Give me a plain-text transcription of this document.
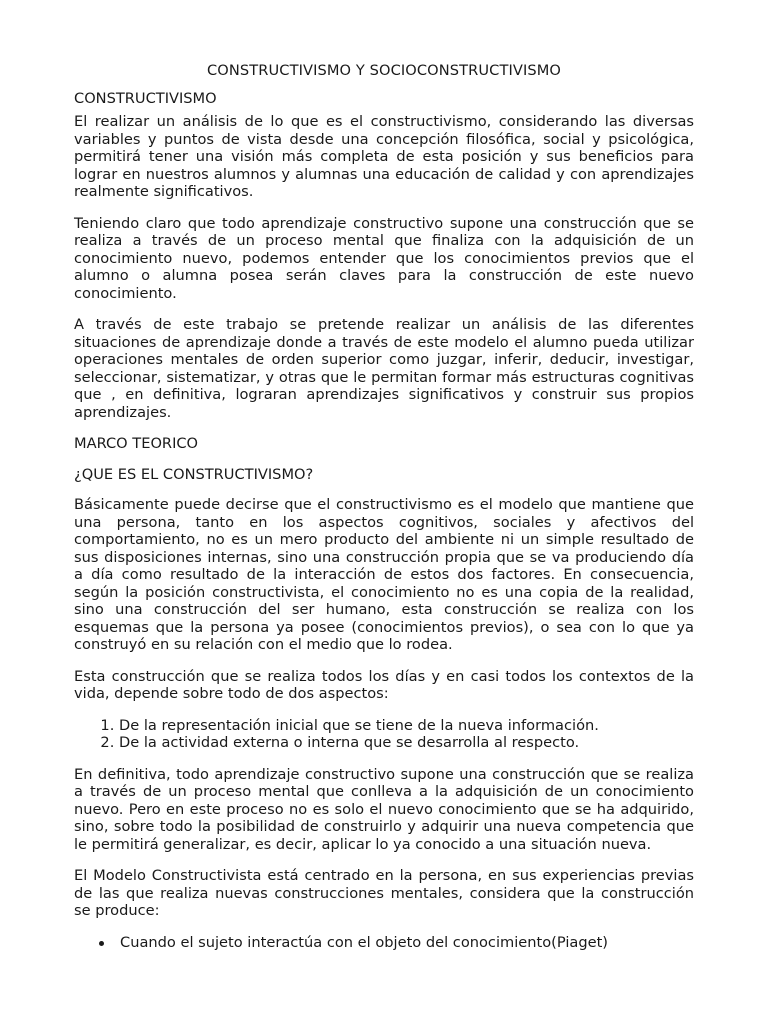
CONSTRUCTIVISMO Y SOCIOCONSTRUCTIVISMO
CONSTRUCTIVISMO

El realizar un análisis de lo que es el constructivismo, considerando las diversas variables y puntos de vista desde una concepción filosófica, social y psicológica, permitirá tener una visión más completa de esta posición y sus beneficios para lograr en nuestros alumnos y alumnas una educación de calidad y con aprendizajes realmente significativos.

Teniendo claro que todo aprendizaje constructivo supone una construcción que se realiza a través de un proceso mental que finaliza con la adquisición de un conocimiento nuevo, podemos entender que los conocimientos previos que el alumno o alumna posea serán claves para la construcción de este nuevo conocimiento.

A través de este trabajo se pretende realizar un análisis de las diferentes situaciones de aprendizaje donde a través de este modelo el alumno pueda utilizar operaciones mentales de orden superior como juzgar, inferir, deducir, investigar, seleccionar, sistematizar, y otras que le permitan formar más estructuras cognitivas que , en definitiva, lograran aprendizajes significativos y construir sus propios aprendizajes.

MARCO TEORICO
¿QUE ES EL CONSTRUCTIVISMO?

Básicamente puede decirse que el constructivismo es el modelo que mantiene que una persona, tanto en los aspectos cognitivos, sociales y afectivos del comportamiento, no es un mero producto del ambiente ni un simple resultado de sus disposiciones internas, sino una construcción propia que se va produciendo día a día como resultado de la interacción de estos dos factores. En consecuencia, según la posición constructivista, el conocimiento no es una copia de la realidad, sino una construcción del ser humano, esta construcción se realiza con los esquemas que la persona ya posee (conocimientos previos), o sea con lo que ya construyó en su relación con el medio que lo rodea.

Esta construcción que se realiza todos los días y en casi todos los contextos de la vida, depende sobre todo de dos aspectos:

1. De la representación inicial que se tiene de la nueva información.
2. De la actividad externa o interna que se desarrolla al respecto.

En definitiva, todo aprendizaje constructivo supone una construcción que se realiza a través de un proceso mental que conlleva a la adquisición de un conocimiento nuevo. Pero en este proceso no es solo el nuevo conocimiento que se ha adquirido, sino, sobre todo la posibilidad de construirlo y adquirir una nueva competencia que le permitirá generalizar, es decir, aplicar lo ya conocido a una situación nueva.

El Modelo Constructivista está centrado en la persona, en sus experiencias previas de las que realiza nuevas construcciones mentales, considera que la construcción se produce:

Cuando el sujeto interactúa con el objeto del conocimiento(Piaget)
